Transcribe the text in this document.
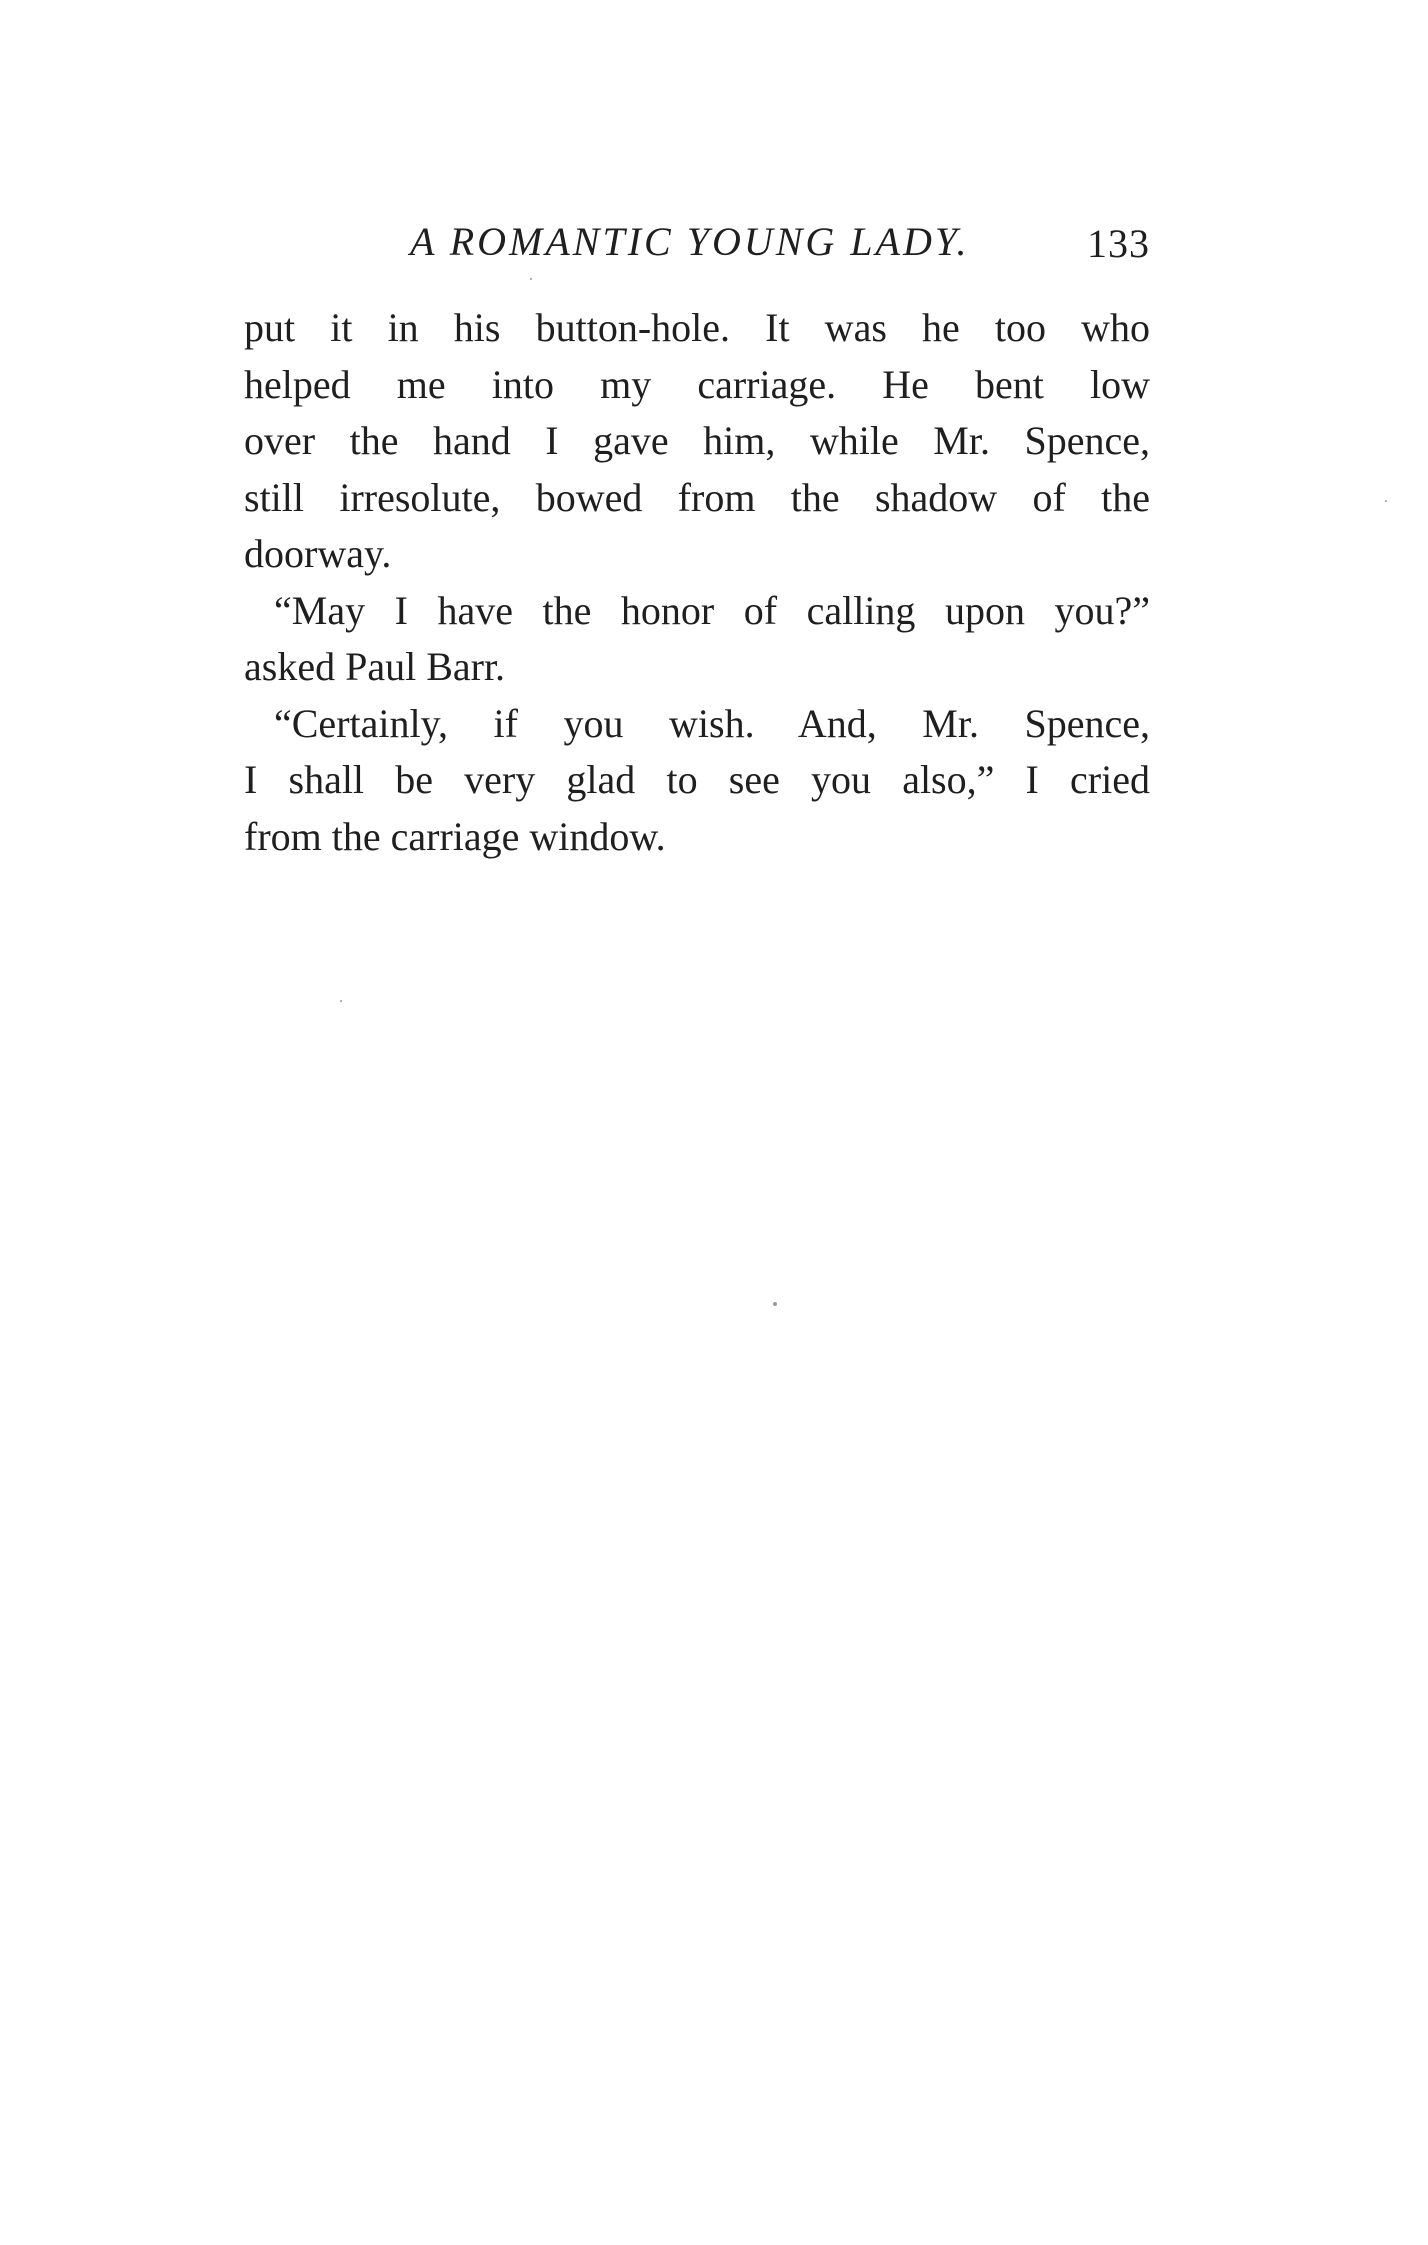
A ROMANTIC YOUNG LADY.	133
put it in his button-hole. It was he too who
helped me into my carriage. He bent low
over the hand I gave him, while Mr. Spence,
still irresolute, bowed from the shadow of the
doorway.
“May I have the honor of calling upon you?”
asked Paul Barr.
“Certainly, if you wish. And, Mr. Spence,
I shall be very glad to see you also,” I cried
from the carriage window.
